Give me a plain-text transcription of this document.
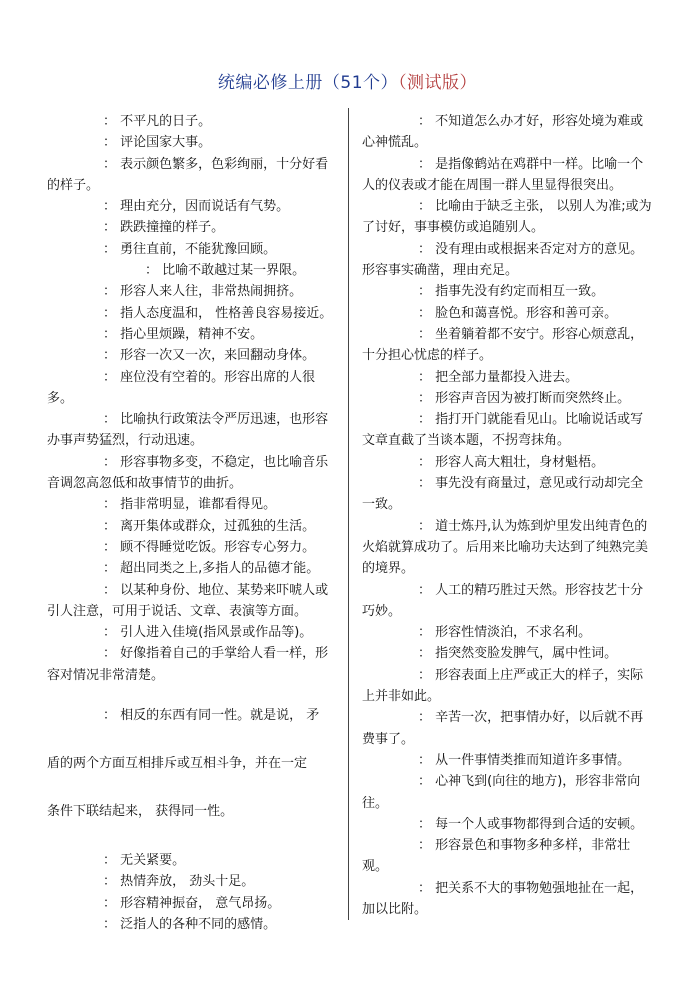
统编必修上册（51个）（测试版）

： 不平凡的日子。

： 评论国家大事。

： 表示颜色繁多，色彩绚丽，十分好看的样子。

： 理由充分，因而说话有气势。

： 跌跌撞撞的样子。

： 勇往直前，不能犹豫回顾。

： 比喻不敢越过某一界限。

： 形容人来人往，非常热闹拥挤。

： 指人态度温和， 性格善良容易接近。

： 指心里烦躁，精神不安。

： 形容一次又一次，来回翻动身体。

： 座位没有空着的。形容出席的人很多。

： 比喻执行政策法令严厉迅速，也形容办事声势猛烈，行动迅速。

： 形容事物多变，不稳定，也比喻音乐音调忽高忽低和故事情节的曲折。

： 指非常明显，谁都看得见。

： 离开集体或群众，过孤独的生活。

： 顾不得睡觉吃饭。形容专心努力。

： 超出同类之上,多指人的品德才能。

： 以某种身份、地位、某势来吓唬人或引人注意，可用于说话、文章、表演等方面。

： 引人进入佳境(指风景或作品等)。

： 好像指着自己的手掌给人看一样，形容对情况非常清楚。

： 相反的东西有同一性。就是说， 矛

盾的两个方面互相排斥或互相斗争，并在一定

条件下联结起来， 获得同一性。

： 无关紧要。

： 热情奔放， 劲头十足。

： 形容精神振奋， 意气昂扬。

： 泛指人的各种不同的感情。

： 不知道怎么办才好，形容处境为难或心神慌乱。

： 是指像鹤站在鸡群中一样。比喻一个人的仪表或才能在周围一群人里显得很突出。

： 比喻由于缺乏主张， 以别人为准;或为了讨好，事事模仿或追随别人。

： 没有理由或根据来否定对方的意见。形容事实确凿，理由充足。

： 指事先没有约定而相互一致。

： 脸色和蔼喜悦。形容和善可亲。

： 坐着躺着都不安宁。形容心烦意乱，十分担心忧虑的样子。

： 把全部力量都投入进去。

： 形容声音因为被打断而突然终止。

： 指打开门就能看见山。比喻说话或写文章直截了当谈本题，不拐弯抹角。

： 形容人高大粗壮，身材魁梧。

： 事先没有商量过，意见或行动却完全一致。

： 道士炼丹,认为炼到炉里发出纯青色的火焰就算成功了。后用来比喻功夫达到了纯熟完美的境界。

： 人工的精巧胜过天然。形容技艺十分巧妙。

： 形容性情淡泊，不求名利。

： 指突然变脸发脾气，属中性词。

： 形容表面上庄严或正大的样子，实际上并非如此。

： 辛苦一次，把事情办好，以后就不再费事了。

： 从一件事情类推而知道许多事情。

： 心神飞到(向往的地方)，形容非常向往。

： 每一个人或事物都得到合适的安顿。

： 形容景色和事物多种多样，非常壮观。

： 把关系不大的事物勉强地扯在一起，加以比附。
